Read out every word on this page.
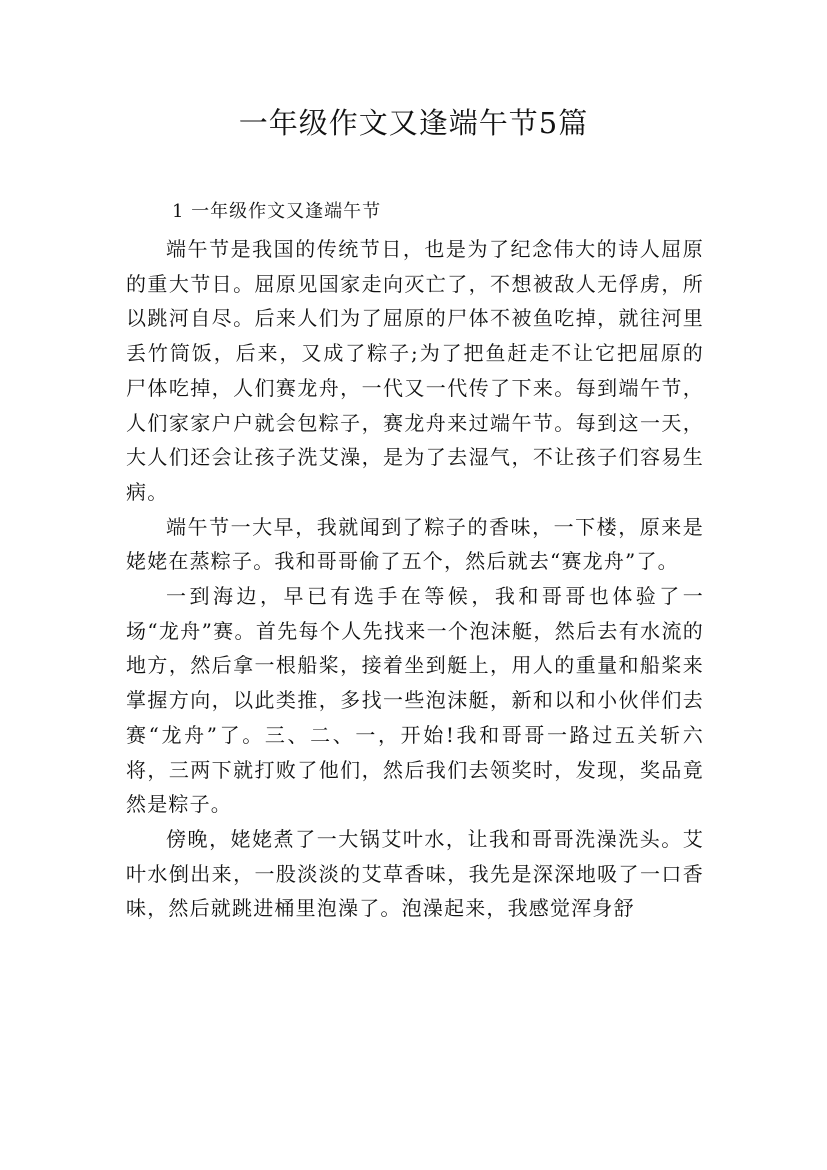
一年级作文又逢端午节5篇

1 一年级作文又逢端午节

端午节是我国的传统节日，也是为了纪念伟大的诗人屈原的重大节日。屈原见国家走向灭亡了，不想被敌人无俘虏，所以跳河自尽。后来人们为了屈原的尸体不被鱼吃掉，就往河里丢竹筒饭，后来，又成了粽子;为了把鱼赶走不让它把屈原的尸体吃掉，人们赛龙舟，一代又一代传了下来。每到端午节，人们家家户户就会包粽子，赛龙舟来过端午节。每到这一天，大人们还会让孩子洗艾澡，是为了去湿气，不让孩子们容易生病。

端午节一大早，我就闻到了粽子的香味，一下楼，原来是姥姥在蒸粽子。我和哥哥偷了五个，然后就去“赛龙舟”了。

一到海边，早已有选手在等候，我和哥哥也体验了一场“龙舟”赛。首先每个人先找来一个泡沫艇，然后去有水流的地方，然后拿一根船桨，接着坐到艇上，用人的重量和船桨来掌握方向，以此类推，多找一些泡沫艇，新和以和小伙伴们去赛“龙舟”了。三、二、一，开始!我和哥哥一路过五关斩六将，三两下就打败了他们，然后我们去领奖时，发现，奖品竟然是粽子。

傍晚，姥姥煮了一大锅艾叶水，让我和哥哥洗澡洗头。艾叶水倒出来，一股淡淡的艾草香味，我先是深深地吸了一口香味，然后就跳进桶里泡澡了。泡澡起来，我感觉浑身舒
